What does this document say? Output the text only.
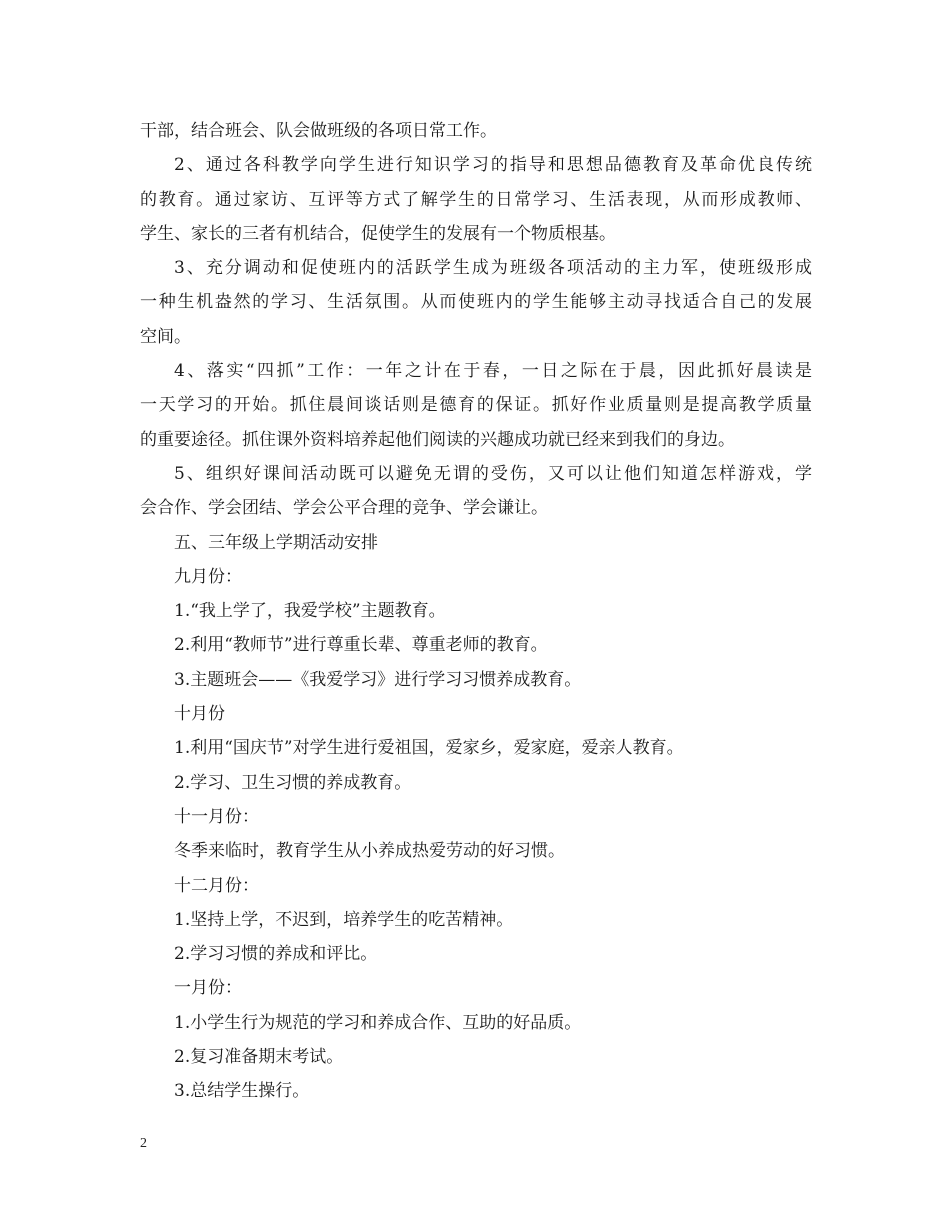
干部，结合班会、队会做班级的各项日常工作。
2、通过各科教学向学生进行知识学习的指导和思想品德教育及革命优良传统
的教育。通过家访、互评等方式了解学生的日常学习、生活表现，从而形成教师、
学生、家长的三者有机结合，促使学生的发展有一个物质根基。
3、充分调动和促使班内的活跃学生成为班级各项活动的主力军，使班级形成
一种生机盎然的学习、生活氛围。从而使班内的学生能够主动寻找适合自己的发展
空间。
4、落实“四抓”工作：一年之计在于春，一日之际在于晨，因此抓好晨读是
一天学习的开始。抓住晨间谈话则是德育的保证。抓好作业质量则是提高教学质量
的重要途径。抓住课外资料培养起他们阅读的兴趣成功就已经来到我们的身边。
5、组织好课间活动既可以避免无谓的受伤，又可以让他们知道怎样游戏，学
会合作、学会团结、学会公平合理的竞争、学会谦让。
五、三年级上学期活动安排
九月份：
1.“我上学了，我爱学校”主题教育。
2.利用“教师节”进行尊重长辈、尊重老师的教育。
3.主题班会——《我爱学习》进行学习习惯养成教育。
十月份
1.利用“国庆节”对学生进行爱祖国，爱家乡，爱家庭，爱亲人教育。
2.学习、卫生习惯的养成教育。
十一月份：
冬季来临时，教育学生从小养成热爱劳动的好习惯。
十二月份：
1.坚持上学，不迟到，培养学生的吃苦精神。
2.学习习惯的养成和评比。
一月份：
1.小学生行为规范的学习和养成合作、互助的好品质。
2.复习准备期末考试。
3.总结学生操行。
2
